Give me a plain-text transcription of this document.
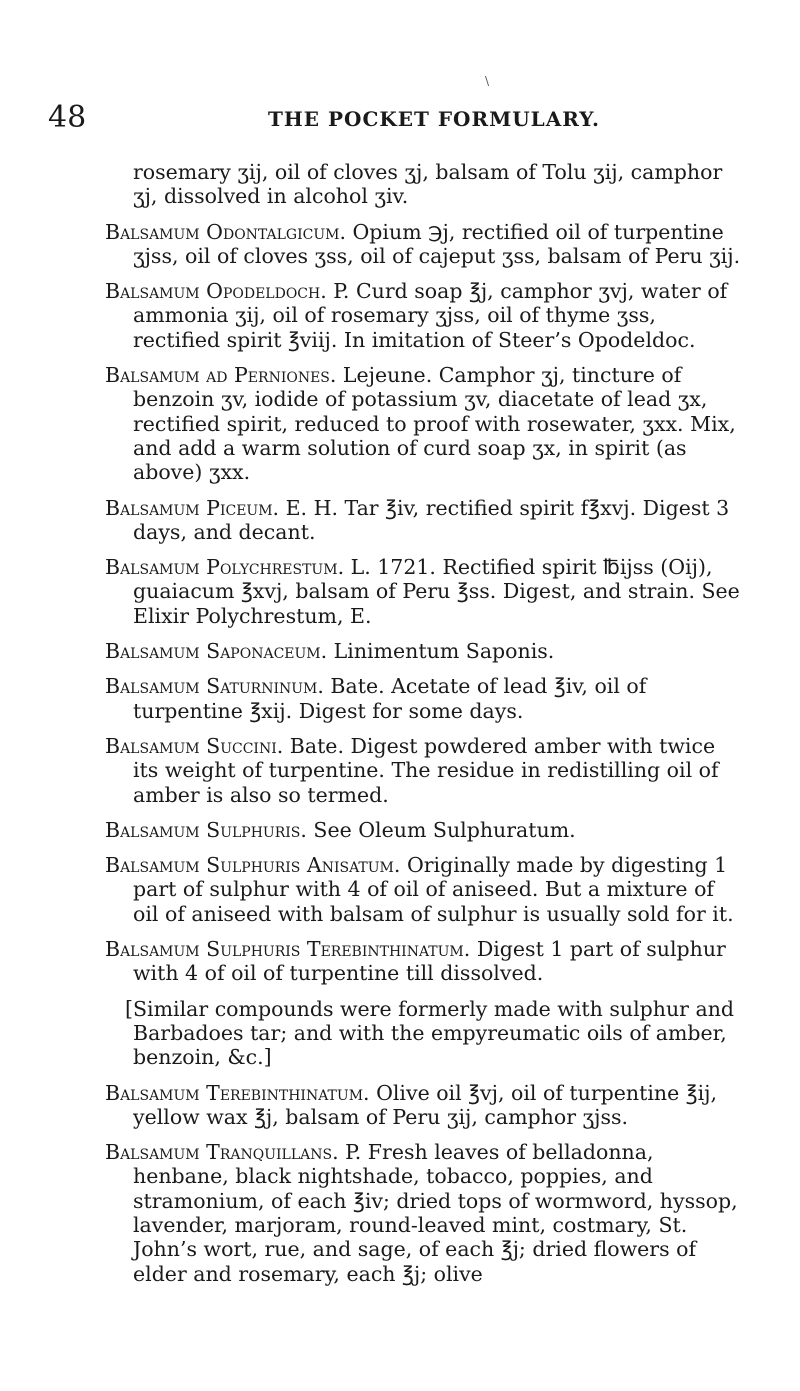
\
48	THE POCKET FORMULARY.

rosemary ʒij, oil of cloves ʒj, balsam of Tolu ʒij, camphor ʒj, dissolved in alcohol ʒiv.

Balsamum Odontalgicum. Opium ℈j, rectified oil of turpentine ʒjss, oil of cloves ʒss, oil of cajeput ʒss, balsam of Peru ʒij.

Balsamum Opodeldoch. P. Curd soap ℥j, camphor ʒvj, water of ammonia ʒij, oil of rosemary ʒjss, oil of thyme ʒss, rectified spirit ℥viij. In imitation of Steer’s Opodeldoc.

Balsamum ad Perniones. Lejeune. Camphor ʒj, tincture of benzoin ʒv, iodide of potassium ʒv, diacetate of lead ʒx, rectified spirit, reduced to proof with rosewater, ʒxx. Mix, and add a warm solution of curd soap ʒx, in spirit (as above) ʒxx.

Balsamum Piceum. E. H. Tar ℥iv, rectified spirit f℥xvj. Digest 3 days, and decant.

Balsamum Polychrestum. L. 1721. Rectified spirit ℔ijss (Oij), guaiacum ℥xvj, balsam of Peru ℥ss. Digest, and strain. See Elixir Polychrestum, E.

Balsamum Saponaceum. Linimentum Saponis.

Balsamum Saturninum. Bate. Acetate of lead ℥iv, oil of turpentine ℥xij. Digest for some days.

Balsamum Succini. Bate. Digest powdered amber with twice its weight of turpentine. The residue in redistilling oil of amber is also so termed.

Balsamum Sulphuris. See Oleum Sulphuratum.

Balsamum Sulphuris Anisatum. Originally made by digesting 1 part of sulphur with 4 of oil of aniseed. But a mixture of oil of aniseed with balsam of sulphur is usually sold for it.

Balsamum Sulphuris Terebinthinatum. Digest 1 part of sulphur with 4 of oil of turpentine till dissolved.

[Similar compounds were formerly made with sulphur and Barbadoes tar; and with the empyreumatic oils of amber, benzoin, &c.]

Balsamum Terebinthinatum. Olive oil ℥vj, oil of turpentine ℥ij, yellow wax ℥j, balsam of Peru ʒij, camphor ʒjss.

Balsamum Tranquillans. P. Fresh leaves of belladonna, henbane, black nightshade, tobacco, poppies, and stramonium, of each ℥iv; dried tops of wormword, hyssop, lavender, marjoram, round-leaved mint, costmary, St. John’s wort, rue, and sage, of each ℥j; dried flowers of elder and rosemary, each ℥j; olive
